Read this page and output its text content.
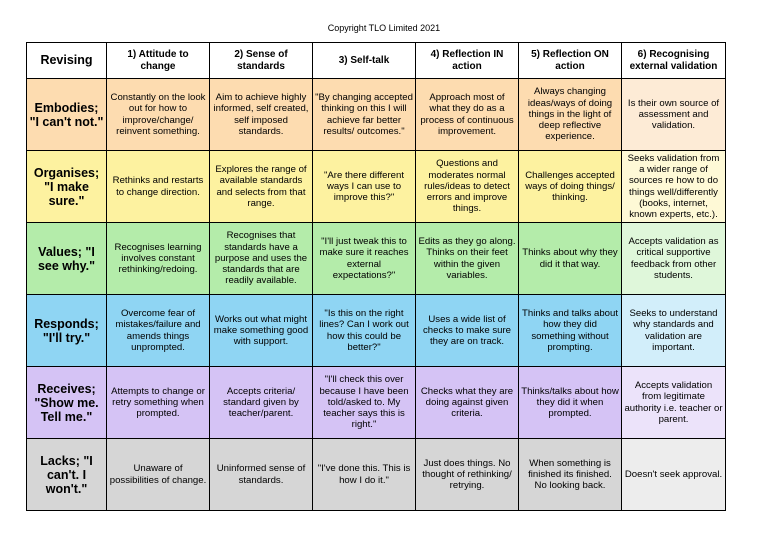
Copyright TLO Limited 2021
Revising	1) Attitude to change	2) Sense of standards	3) Self-talk	4) Reflection IN action	5) Reflection ON action	6) Recognising external validation
Embodies; "I can't not."	Constantly on the look out for how to improve/change/ reinvent something.	Aim to achieve highly informed, self created, self imposed standards.	"By changing accepted thinking on this I will achieve far better results/ outcomes."	Approach most of what they do as a process of continuous improvement.	Always changing ideas/ways of doing things in the light of deep reflective experience.	Is their own source of assessment and validation.
Organises; "I make sure."	Rethinks and restarts to change direction.	Explores the range of available standards and selects from that range.	"Are there different ways I can use to improve this?"	Questions and moderates normal rules/ideas to detect errors and improve things.	Challenges accepted ways of doing things/ thinking.	Seeks validation from a wider range of sources re how to do things well/differently (books, internet, known experts, etc.).
Values; "I see why."	Recognises learning involves constant rethinking/redoing.	Recognises that standards have a purpose and uses the standards that are readily available.	"I'll just tweak this to make sure it reaches external expectations?"	Edits as they go along. Thinks on their feet within the given variables.	Thinks about why they did it that way.	Accepts validation as critical supportive feedback from other students.
Responds; "I'll try."	Overcome fear of mistakes/failure and amends things unprompted.	Works out what might make something good with support.	"Is this on the right lines? Can I work out how this could be better?"	Uses a wide list of checks to make sure they are on track.	Thinks and talks about how they did something without prompting.	Seeks to understand why standards and validation are important.
Receives; "Show me. Tell me."	Attempts to change or retry something when prompted.	Accepts criteria/ standard given by teacher/parent.	"I'll check this over because I have been told/asked to. My teacher says this is right."	Checks what they are doing against given criteria.	Thinks/talks about how they did it when prompted.	Accepts validation from legitimate authority i.e. teacher or parent.
Lacks; "I can't. I won't."	Unaware of possibilities of change.	Uninformed sense of standards.	"I've done this. This is how I do it."	Just does things. No thought of rethinking/ retrying.	When something is finished its finished. No looking back.	Doesn't seek approval.
